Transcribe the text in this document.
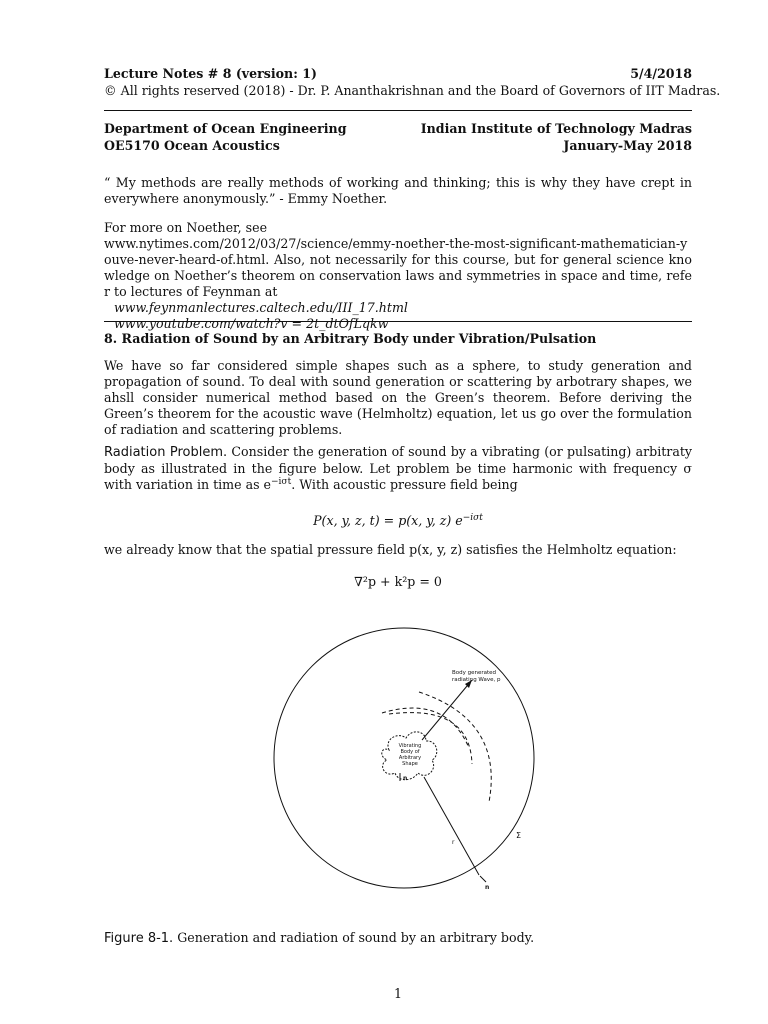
Lecture Notes # 8 (version: 1)	5/4/2018
© All rights reserved (2018) - Dr. P. Ananthakrishnan and the Board of Governors of IIT Madras.
Department of Ocean Engineering	Indian Institute of Technology Madras
OE5170 Ocean Acoustics	January-May 2018

“ My methods are really methods of working and thinking; this is why they have crept in everywhere anonymously.” - Emmy Noether.

For more on Noether, see

www.nytimes.com/2012/03/27/science/emmy-noether-the-most-significant-mathematician-youve-never-heard-of.html. Also, not necessarily for this course, but for general science knowledge on Noether’s theorem on conservation laws and symmetries in space and time, refer to lectures of Feynman at

www.feynmanlectures.caltech.edu/III_17.html
www.youtube.com/watch?v = 2t_dtOfLqkw
8. Radiation of Sound by an Arbitrary Body under Vibration/Pulsation

We have so far considered simple shapes such as a sphere, to study generation and propagation of sound. To deal with sound generation or scattering by arbotrary shapes, we ahsll consider numerical method based on the Green’s theorem. Before deriving the Green’s theorem for the acoustic wave (Helmholtz) equation, let us go over the formulation of radiation and scattering problems.

Radiation Problem. Consider the generation of sound by a vibrating (or pulsating) arbitraty body as illustrated in the figure below. Let problem be time harmonic with frequency σ with variation in time as $e^{-i\sigma t}$. With acoustic pressure field being

P(x, y, z, t) = p(x, y, z) $e^{-i\sigma t}$
we already know that the spatial pressure field p(x, y, z) satisfies the Helmholtz equation:
∇²p + k²p = 0
Vibrating
Body of
Arbitrary
Shape
n
Body generated
radiating Wave, p
r
n
Σ
Figure 8-1. Generation and radiation of sound by an arbitrary body.
1
